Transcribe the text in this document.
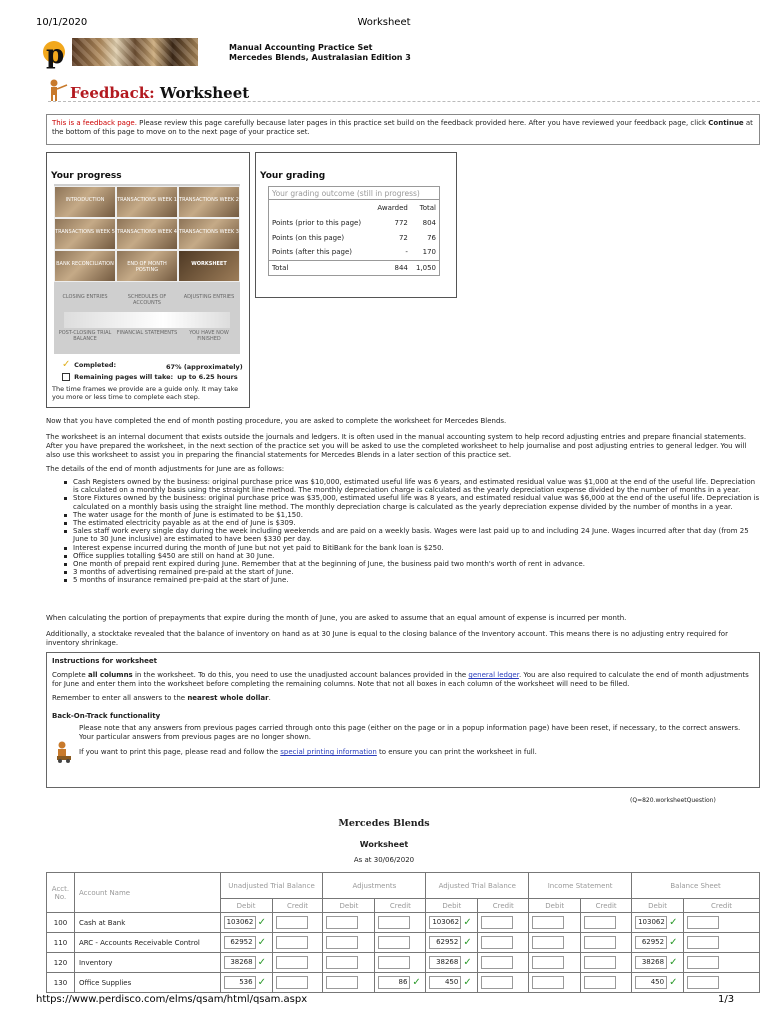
10/1/2020	Worksheet
p	Manual Accounting Practice Set
Mercedes Blends, Australasian Edition 3
Feedback: Worksheet
This is a feedback page. Please review this page carefully because later pages in this practice set build on the feedback provided here. After you have reviewed your feedback page, click Continue at the bottom of this page to move on to the next page of your practice set.
Your progress
INTRODUCTION	TRANSACTIONS WEEK 1 TRANSACTIONS WEEK 2
TRANSACTIONS WEEK 5 TRANSACTIONS WEEK 4 TRANSACTIONS WEEK 3
BANK RECONCILIATION	END OF MONTH POSTING
WORKSHEET
CLOSING ENTRIES	SCHEDULES OF ACCOUNTS
ADJUSTING ENTRIES
POST-CLOSING TRIAL BALANCE
FINANCIAL STATEMENTS	YOU HAVE NOW FINISHED
✓ Completed:	67% (approximately)
Remaining pages will take: up to 6.25 hours
The time frames we provide are a guide only. It may take you more or less time to complete each step.
Your grading
Your grading outcome (still in progress)
	Awarded	Total
Points (prior to this page)	772	804
Points (on this page)	72	76
Points (after this page)	-	170
Total	844	1,050
Now that you have completed the end of month posting procedure, you are asked to complete the worksheet for Mercedes Blends.
The worksheet is an internal document that exists outside the journals and ledgers. It is often used in the manual accounting system to help record adjusting entries and prepare financial statements. After you have prepared the worksheet, in the next section of the practice set you will be asked to use the completed worksheet to help journalise and post adjusting entries to general ledger. You will also use this worksheet to assist you in preparing the financial statements for Mercedes Blends in a later section of this practice set.
The details of the end of month adjustments for June are as follows:
Cash Registers owned by the business: original purchase price was $10,000, estimated useful life was 6 years, and estimated residual value was $1,000 at the end of the useful life. Depreciation is calculated on a monthly basis using the straight line method. The monthly depreciation charge is calculated as the yearly depreciation expense divided by the number of months in a year.
Store Fixtures owned by the business: original purchase price was $35,000, estimated useful life was 8 years, and estimated residual value was $6,000 at the end of the useful life. Depreciation is calculated on a monthly basis using the straight line method. The monthly depreciation charge is calculated as the yearly depreciation expense divided by the number of months in a year.
The water usage for the month of June is estimated to be $1,150.
The estimated electricity payable as at the end of June is $309.
Sales staff work every single day during the week including weekends and are paid on a weekly basis. Wages were last paid up to and including 24 June. Wages incurred after that day (from 25 June to 30 June inclusive) are estimated to have been $330 per day.
Interest expense incurred during the month of June but not yet paid to BitiBank for the bank loan is $250.
Office supplies totalling $450 are still on hand at 30 June.
One month of prepaid rent expired during June. Remember that at the beginning of June, the business paid two month's worth of rent in advance.
3 months of advertising remained pre-paid at the start of June.
5 months of insurance remained pre-paid at the start of June.
When calculating the portion of prepayments that expire during the month of June, you are asked to assume that an equal amount of expense is incurred per month.
Additionally, a stocktake revealed that the balance of inventory on hand as at 30 June is equal to the closing balance of the Inventory account. This means there is no adjusting entry required for inventory shrinkage.
Instructions for worksheet
Complete all columns in the worksheet. To do this, you need to use the unadjusted account balances provided in the general ledger. You are also required to calculate the end of month adjustments for June and enter them into the worksheet before completing the remaining columns. Note that not all boxes in each column of the worksheet will need to be filled.
Remember to enter all answers to the nearest whole dollar.
Back-On-Track functionality
Please note that any answers from previous pages carried through onto this page (either on the page or in a popup information page) have been reset, if necessary, to the correct answers. Your particular answers from previous pages are no longer shown.
If you want to print this page, please read and follow the special printing information to ensure you can print the worksheet in full.
(Q=820.worksheetQuestion)
Mercedes Blends
Worksheet
As at 30/06/2020
Acct. No.	Account Name	Unadjusted Trial Balance		Adjustments		Adjusted Trial Balance		Income Statement		Balance Sheet	
		Debit	Credit	Debit	Credit	Debit	Credit	Debit	Credit	Debit	Credit
100	Cash at Bank	103062 ✓				103062 ✓				103062 ✓	
110	ARC - Accounts Receivable Control	62952 ✓				62952 ✓				62952 ✓	
120	Inventory	38268 ✓				38268 ✓				38268 ✓	
130	Office Supplies	536 ✓			86 ✓	450 ✓				450 ✓	
https://www.perdisco.com/elms/qsam/html/qsam.aspx	1/3
